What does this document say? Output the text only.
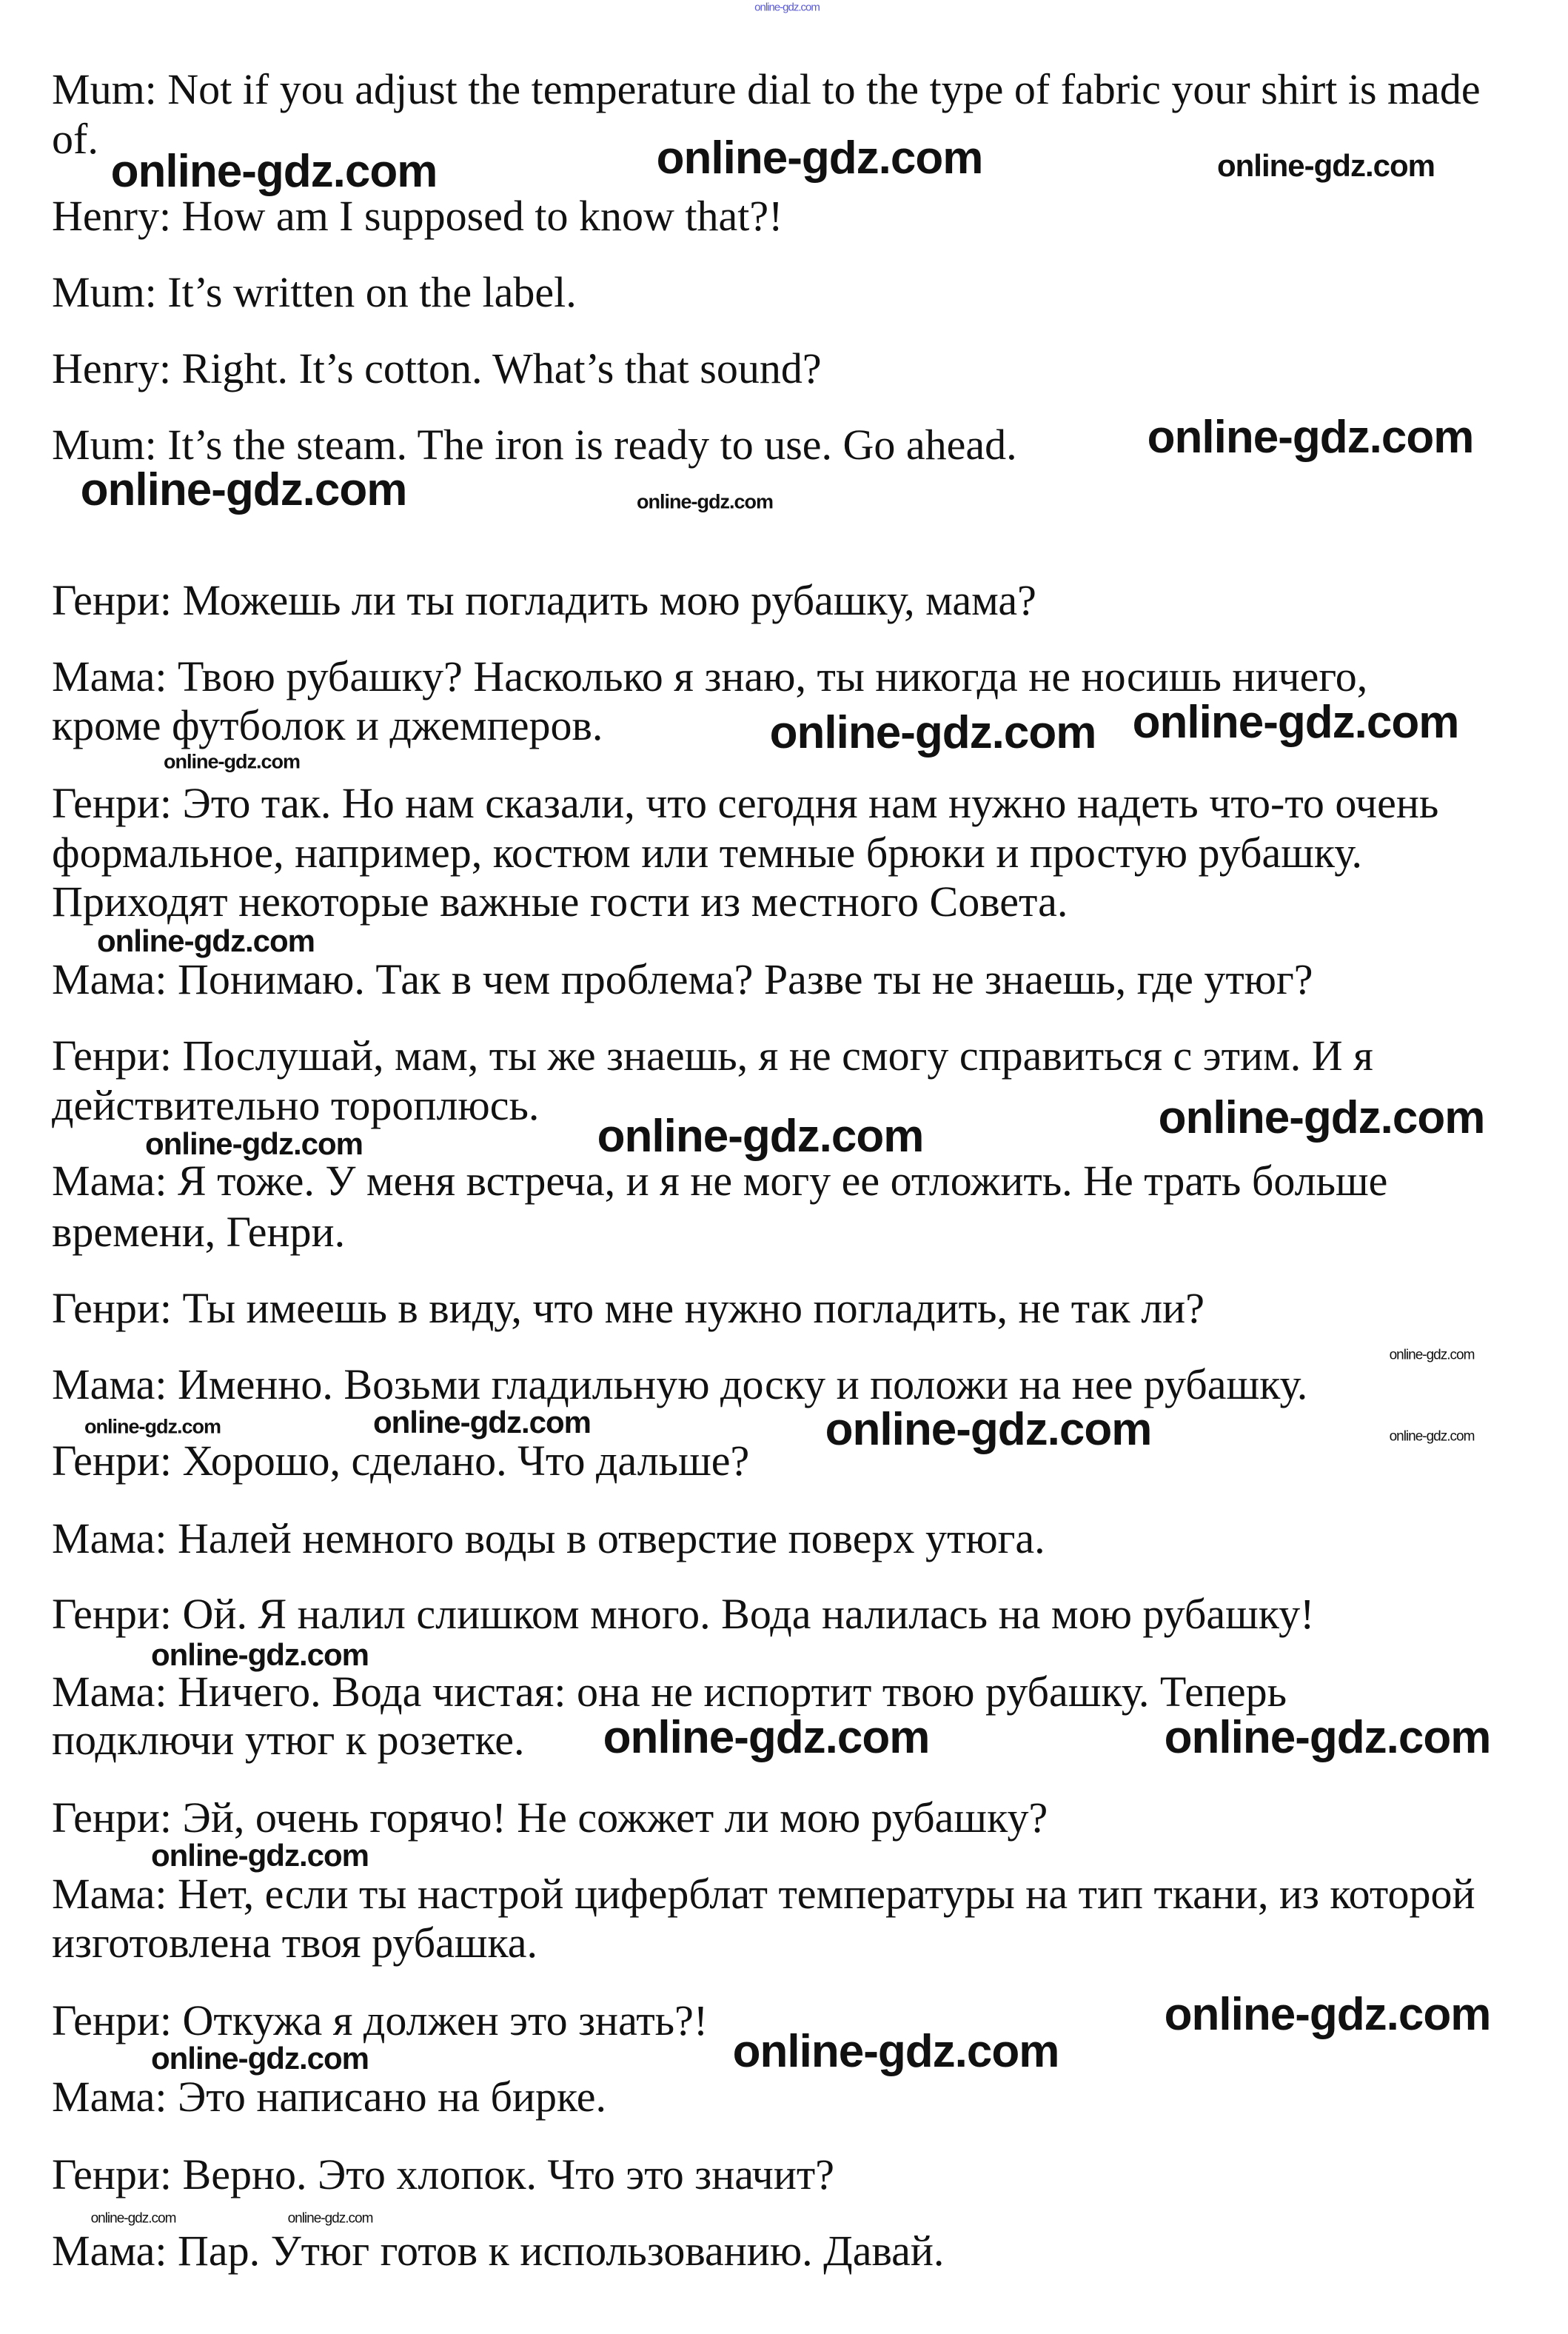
Mum: Not if you adjust the temperature dial to the type of fabric your shirt is made
of.
Henry: How am I supposed to know that?!
Mum: It’s written on the label.
Henry: Right. It’s cotton. What’s that sound?
Mum: It’s the steam. The iron is ready to use. Go ahead.
Генри: Можешь ли ты погладить мою рубашку, мама?
Мама: Твою рубашку? Насколько я знаю, ты никогда не носишь ничего,
кроме футболок и джемперов.
Генри: Это так. Но нам сказали, что сегодня нам нужно надеть что-то очень
формальное, например, костюм или темные брюки и простую рубашку.
Приходят некоторые важные гости из местного Совета.
Мама: Понимаю. Так в чем проблема? Разве ты не знаешь, где утюг?
Генри: Послушай, мам, ты же знаешь, я не смогу справиться с этим. И я
действительно тороплюсь.
Мама: Я тоже. У меня встреча, и я не могу ее отложить. Не трать больше
времени, Генри.
Генри: Ты имеешь в виду, что мне нужно погладить, не так ли?
Мама: Именно. Возьми гладильную доску и положи на нее рубашку.
Генри: Хорошо, сделано. Что дальше?
Мама: Налей немного воды в отверстие поверх утюга.
Генри: Ой. Я налил слишком много. Вода налилась на мою рубашку!
Мама: Ничего. Вода чистая: она не испортит твою рубашку. Теперь
подключи утюг к розетке.
Генри: Эй, очень горячо! Не сожжет ли мою рубашку?
Мама: Нет, если ты настрой циферблат температуры на тип ткани, из которой
изготовлена твоя рубашка.
Генри: Откужа я должен это знать?!
Мама: Это написано на бирке.
Генри: Верно. Это хлопок. Что это значит?
Мама: Пар. Утюг готов к использованию. Давай.
online-gdz.com
online-gdz.com	online-gdz.com	online-gdz.com
online-gdz.com
online-gdz.com	online-gdz.com
online-gdz.com
online-gdz.com
online-gdz.com
online-gdz.com
online-gdz.com
online-gdz.com	online-gdz.com
online-gdz.com
online-gdz.com
online-gdz.com
online-gdz.com	online-gdz.com
online-gdz.com
online-gdz.com	online-gdz.com
online-gdz.com
online-gdz.com
online-gdz.com	online-gdz.com
online-gdz.com	online-gdz.com
